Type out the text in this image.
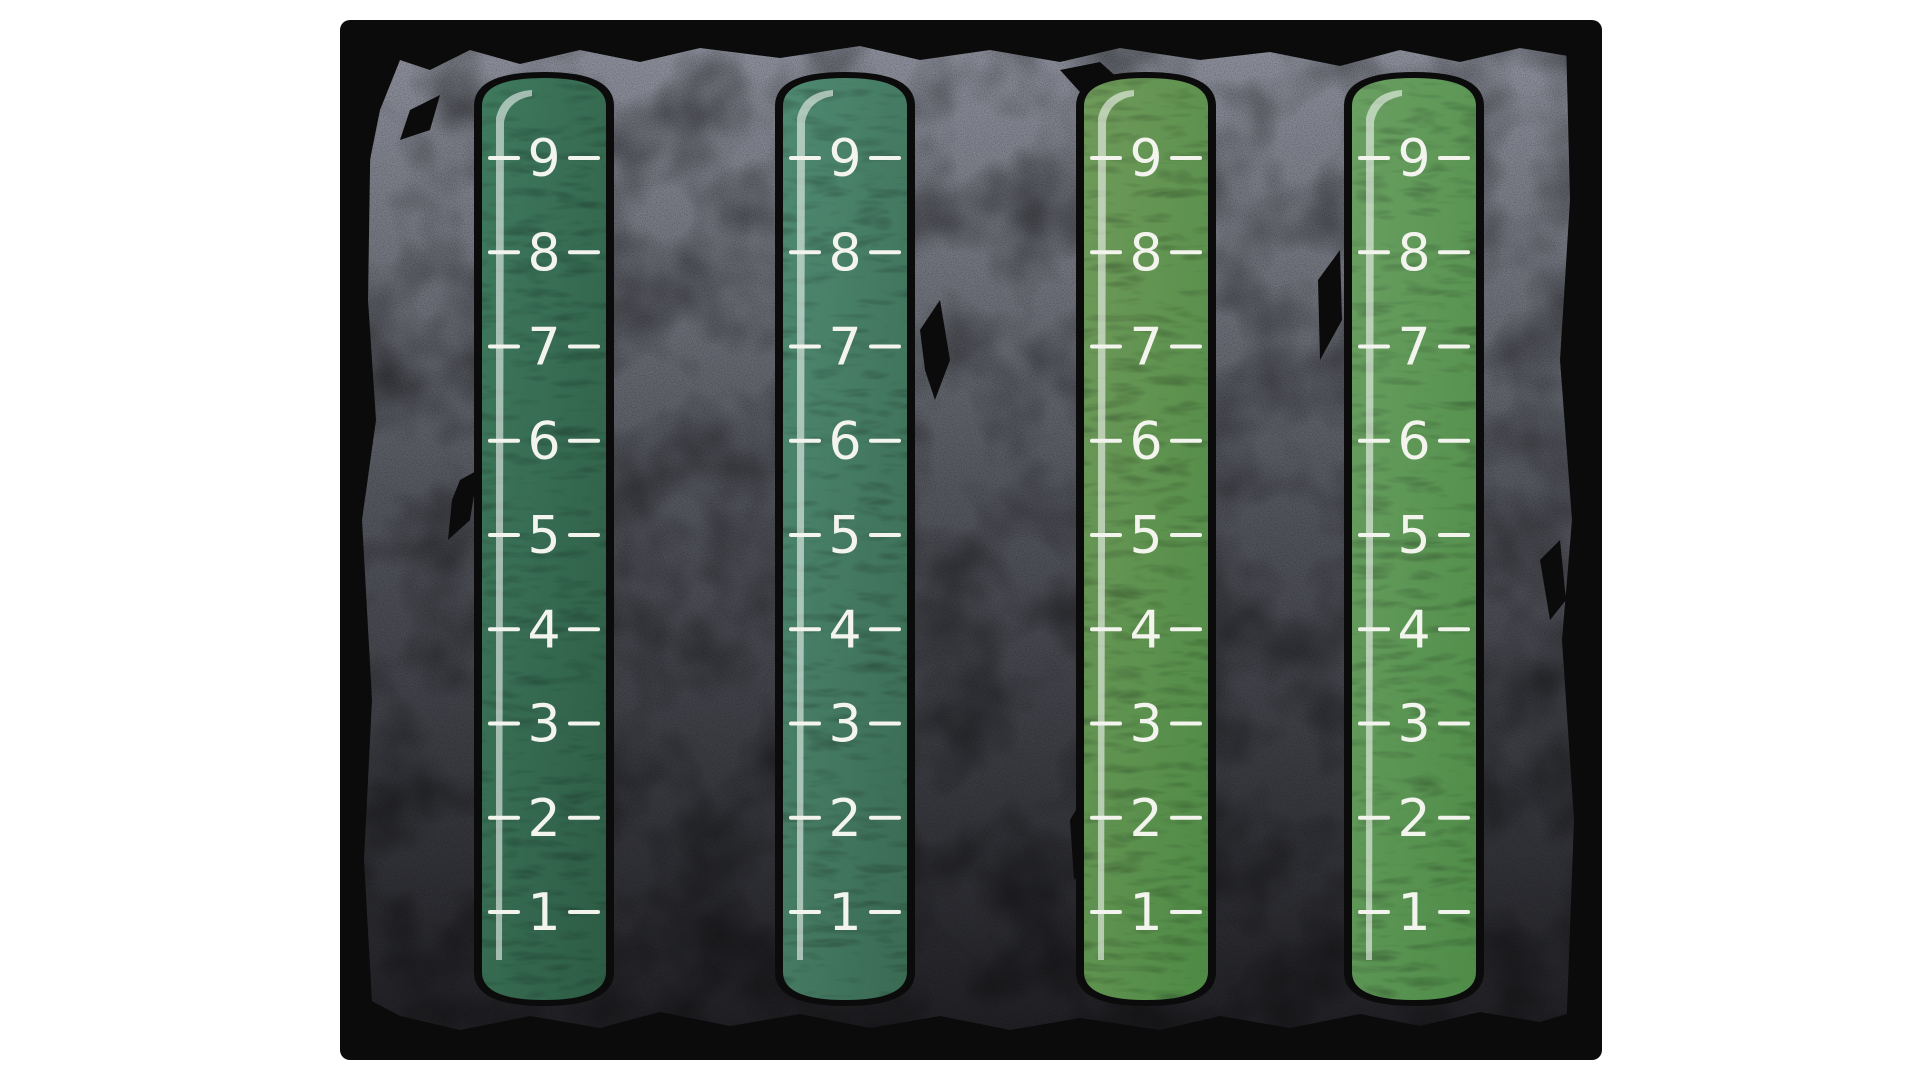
9
8
7
6
5
4
3
2
1
9
8
7
6
5
4
3
2
1
9
8
7
6
5
4
3
2
1
9
8
7
6
5
4
3
2
1
